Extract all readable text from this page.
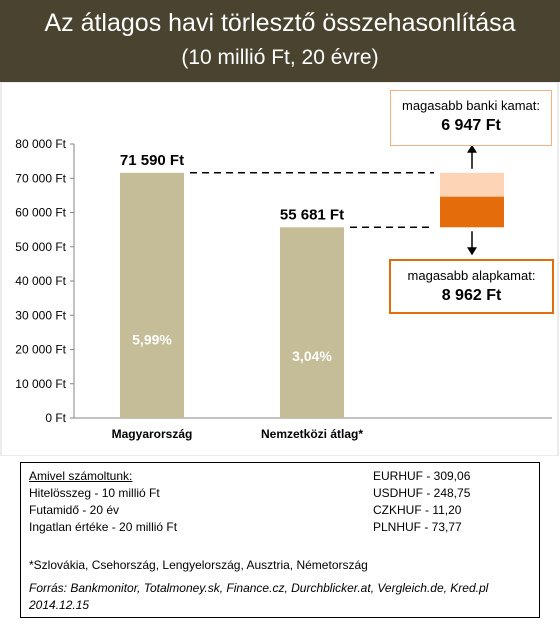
Az átlagos havi törlesztő összehasonlítása
(10 millió Ft, 20 évre)
0 Ft
10 000 Ft
20 000 Ft
30 000 Ft
40 000 Ft
50 000 Ft
60 000 Ft
70 000 Ft
80 000 Ft
71 590 Ft
5,99%
Magyarország
55 681 Ft
3,04%
Nemzetközi átlag*
magasabb banki kamat:
6 947 Ft
magasabb alapkamat:
8 962 Ft
Amivel számoltunk:
Hitelösszeg - 10 millió Ft
Futamidő - 20 év
Ingatlan értéke - 20 millió Ft
EURHUF - 309,06
USDHUF - 248,75
CZKHUF - 11,20
PLNHUF - 73,77
*Szlovákia, Csehország, Lengyelország, Ausztria, Németország
Forrás: Bankmonitor, Totalmoney.sk, Finance.cz, Durchblicker.at, Vergleich.de, Kred.pl
2014.12.15
